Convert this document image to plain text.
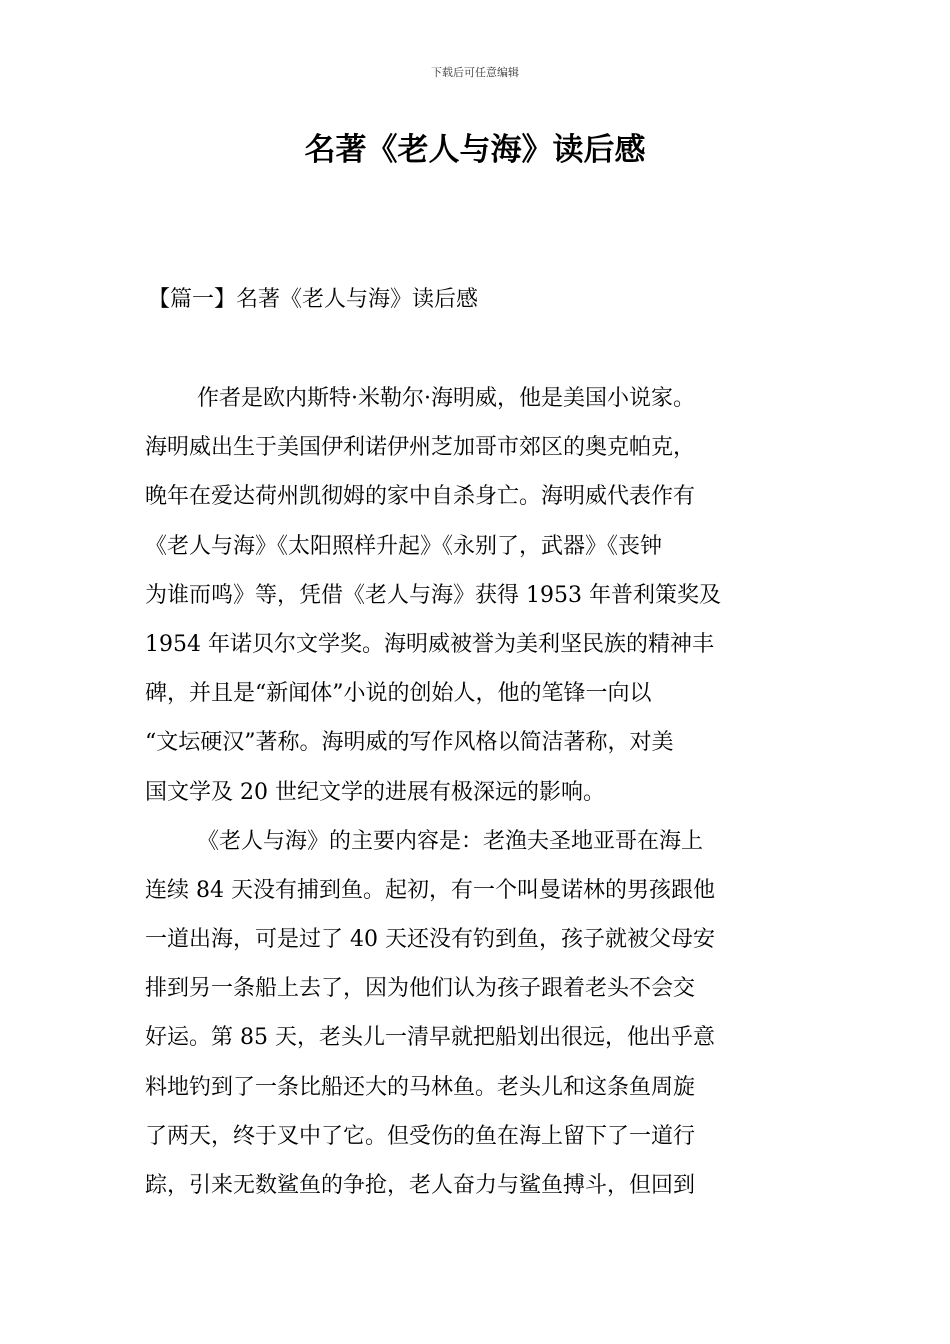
下载后可任意编辑
名著《老人与海》读后感
【篇一】名著《老人与海》读后感
作者是欧内斯特·米勒尔·海明威，他是美国小说家。
海明威出生于美国伊利诺伊州芝加哥市郊区的奥克帕克，
晚年在爱达荷州凯彻姆的家中自杀身亡。海明威代表作有
《老人与海》《太阳照样升起》《永别了，武器》《丧钟
为谁而鸣》等，凭借《老人与海》获得 1953 年普利策奖及
1954 年诺贝尔文学奖。海明威被誉为美利坚民族的精神丰
碑，并且是“新闻体”小说的创始人，他的笔锋一向以
“文坛硬汉”著称。海明威的写作风格以简洁著称，对美
国文学及 20 世纪文学的进展有极深远的影响。
《老人与海》的主要内容是：老渔夫圣地亚哥在海上
连续 84 天没有捕到鱼。起初，有一个叫曼诺林的男孩跟他
一道出海，可是过了 40 天还没有钓到鱼，孩子就被父母安
排到另一条船上去了，因为他们认为孩子跟着老头不会交
好运。第 85 天，老头儿一清早就把船划出很远，他出乎意
料地钓到了一条比船还大的马林鱼。老头儿和这条鱼周旋
了两天，终于叉中了它。但受伤的鱼在海上留下了一道行
踪，引来无数鲨鱼的争抢，老人奋力与鲨鱼搏斗，但回到
